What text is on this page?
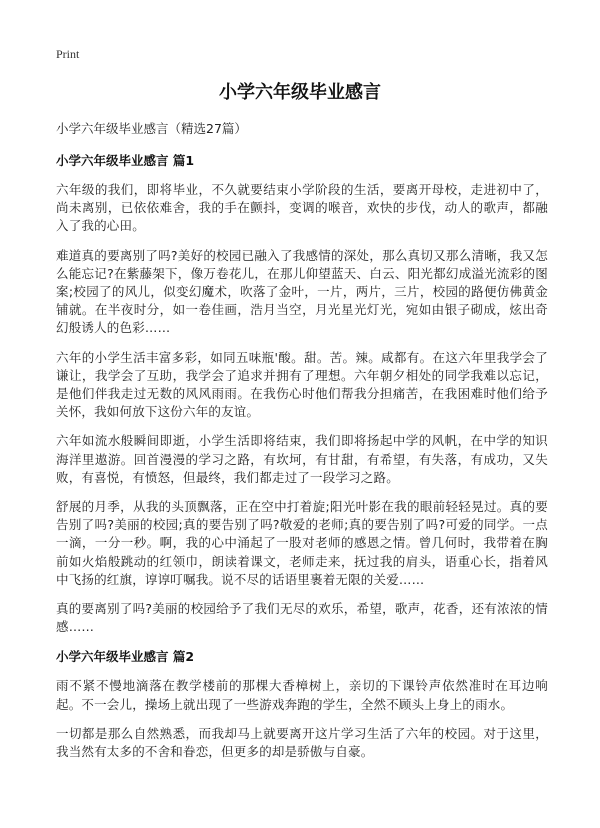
Print
小学六年级毕业感言

小学六年级毕业感言（精选27篇）

小学六年级毕业感言 篇1

六年级的我们，即将毕业，不久就要结束小学阶段的生活，要离开母校，走进初中了，尚未离别，已依依难舍，我的手在颤抖，变调的喉音，欢快的步伐，动人的歌声，都融入了我的心田。

难道真的要离别了吗?美好的校园已融入了我感情的深处，那么真切又那么清晰，我又怎么能忘记?在紫藤架下，像万卷花儿，在那儿仰望蓝天、白云、阳光都幻成溢光流彩的图案;校园了的风儿，似变幻魔术，吹落了金叶，一片，两片，三片，校园的路便仿佛黄金铺就。在半夜时分，如一卷佳画，浩月当空，月光星光灯光，宛如由银子砌成，炫出奇幻般诱人的色彩……

六年的小学生活丰富多彩，如同五味瓶'酸。甜。苦。辣。咸都有。在这六年里我学会了谦让，我学会了互助，我学会了追求并拥有了理想。六年朝夕相处的同学我难以忘记，是他们伴我走过无数的风风雨雨。在我伤心时他们帮我分担痛苦，在我困难时他们给予关怀，我如何放下这份六年的友谊。

六年如流水般瞬间即逝，小学生活即将结束，我们即将扬起中学的风帆，在中学的知识海洋里遨游。回首漫漫的学习之路，有坎坷，有甘甜，有希望，有失落，有成功，又失败，有喜悦，有愤怒，但最终，我们都走过了一段学习之路。

舒展的月季，从我的头顶飘落，正在空中打着旋;阳光叶影在我的眼前轻轻晃过。真的要告别了吗?美丽的校园;真的要告别了吗?敬爱的老师;真的要告别了吗?可爱的同学。一点一滴，一分一秒。啊，我的心中涌起了一股对老师的感恩之情。曾几何时，我带着在胸前如火焰般跳动的红领巾，朗读着课文，老师走来，抚过我的肩头，语重心长，指着风中飞扬的红旗，谆谆叮嘱我。说不尽的话语里裹着无限的关爱……

真的要离别了吗?美丽的校园给予了我们无尽的欢乐，希望，歌声，花香，还有浓浓的情感……

小学六年级毕业感言 篇2

雨不紧不慢地滴落在教学楼前的那棵大香樟树上，亲切的下课铃声依然准时在耳边响起。不一会儿，操场上就出现了一些游戏奔跑的学生，全然不顾头上身上的雨水。

一切都是那么自然熟悉，而我却马上就要离开这片学习生活了六年的校园。对于这里，我当然有太多的不舍和眷恋，但更多的却是骄傲与自豪。
